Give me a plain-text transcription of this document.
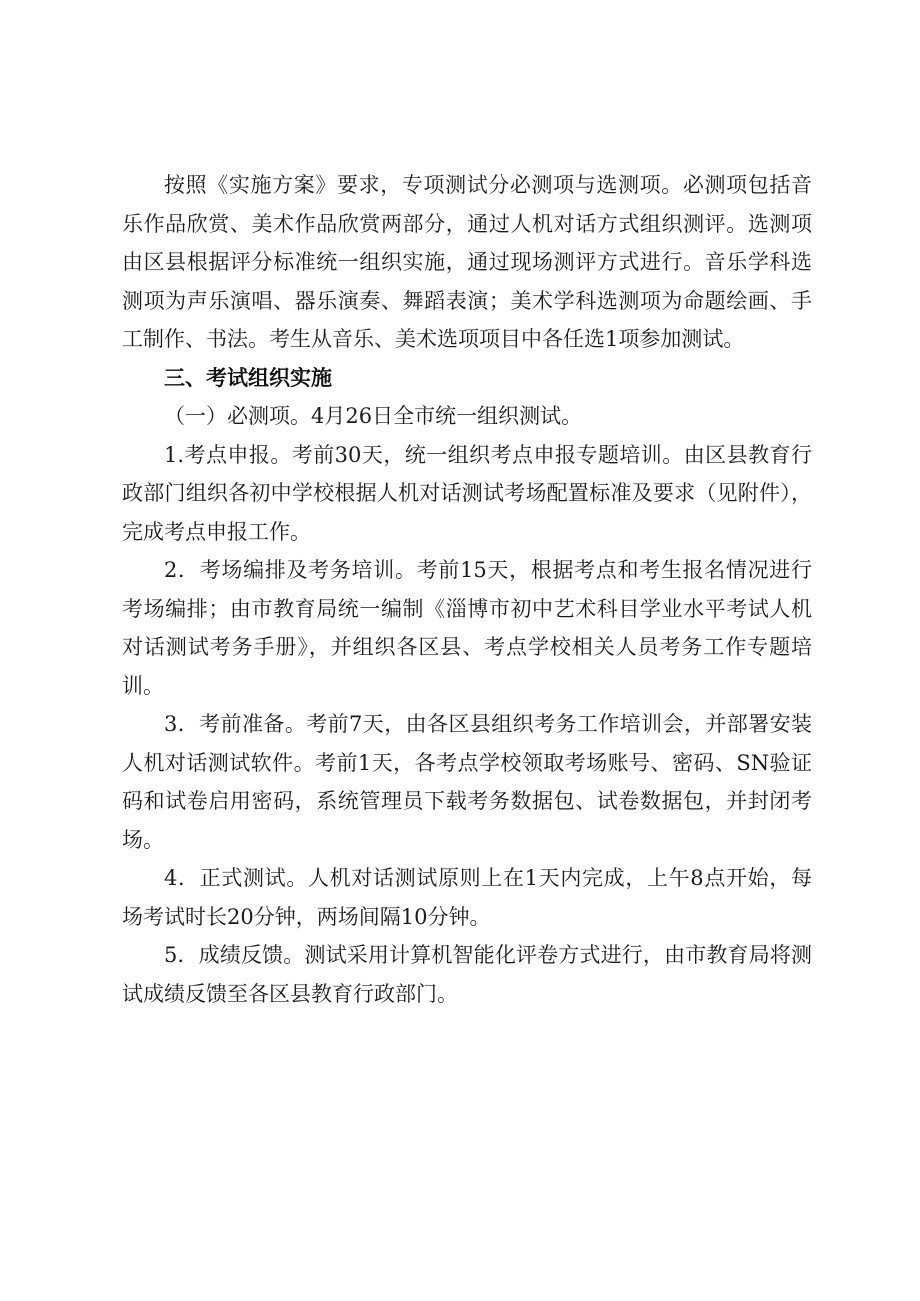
按照《实施方案》要求，专项测试分必测项与选测项。必测项包括音乐作品欣赏、美术作品欣赏两部分，通过人机对话方式组织测评。选测项由区县根据评分标准统一组织实施，通过现场测评方式进行。音乐学科选测项为声乐演唱、器乐演奏、舞蹈表演；美术学科选测项为命题绘画、手工制作、书法。考生从音乐、美术选项项目中各任选1项参加测试。

三、考试组织实施

（一）必测项。4月26日全市统一组织测试。

1.考点申报。考前30天，统一组织考点申报专题培训。由区县教育行政部门组织各初中学校根据人机对话测试考场配置标准及要求（见附件），完成考点申报工作。

2．考场编排及考务培训。考前15天，根据考点和考生报名情况进行考场编排；由市教育局统一编制《淄博市初中艺术科目学业水平考试人机对话测试考务手册》，并组织各区县、考点学校相关人员考务工作专题培训。

3．考前准备。考前7天，由各区县组织考务工作培训会，并部署安装人机对话测试软件。考前1天，各考点学校领取考场账号、密码、SN验证码和试卷启用密码，系统管理员下载考务数据包、试卷数据包，并封闭考场。

4．正式测试。人机对话测试原则上在1天内完成，上午8点开始，每场考试时长20分钟，两场间隔10分钟。

5．成绩反馈。测试采用计算机智能化评卷方式进行，由市教育局将测试成绩反馈至各区县教育行政部门。
